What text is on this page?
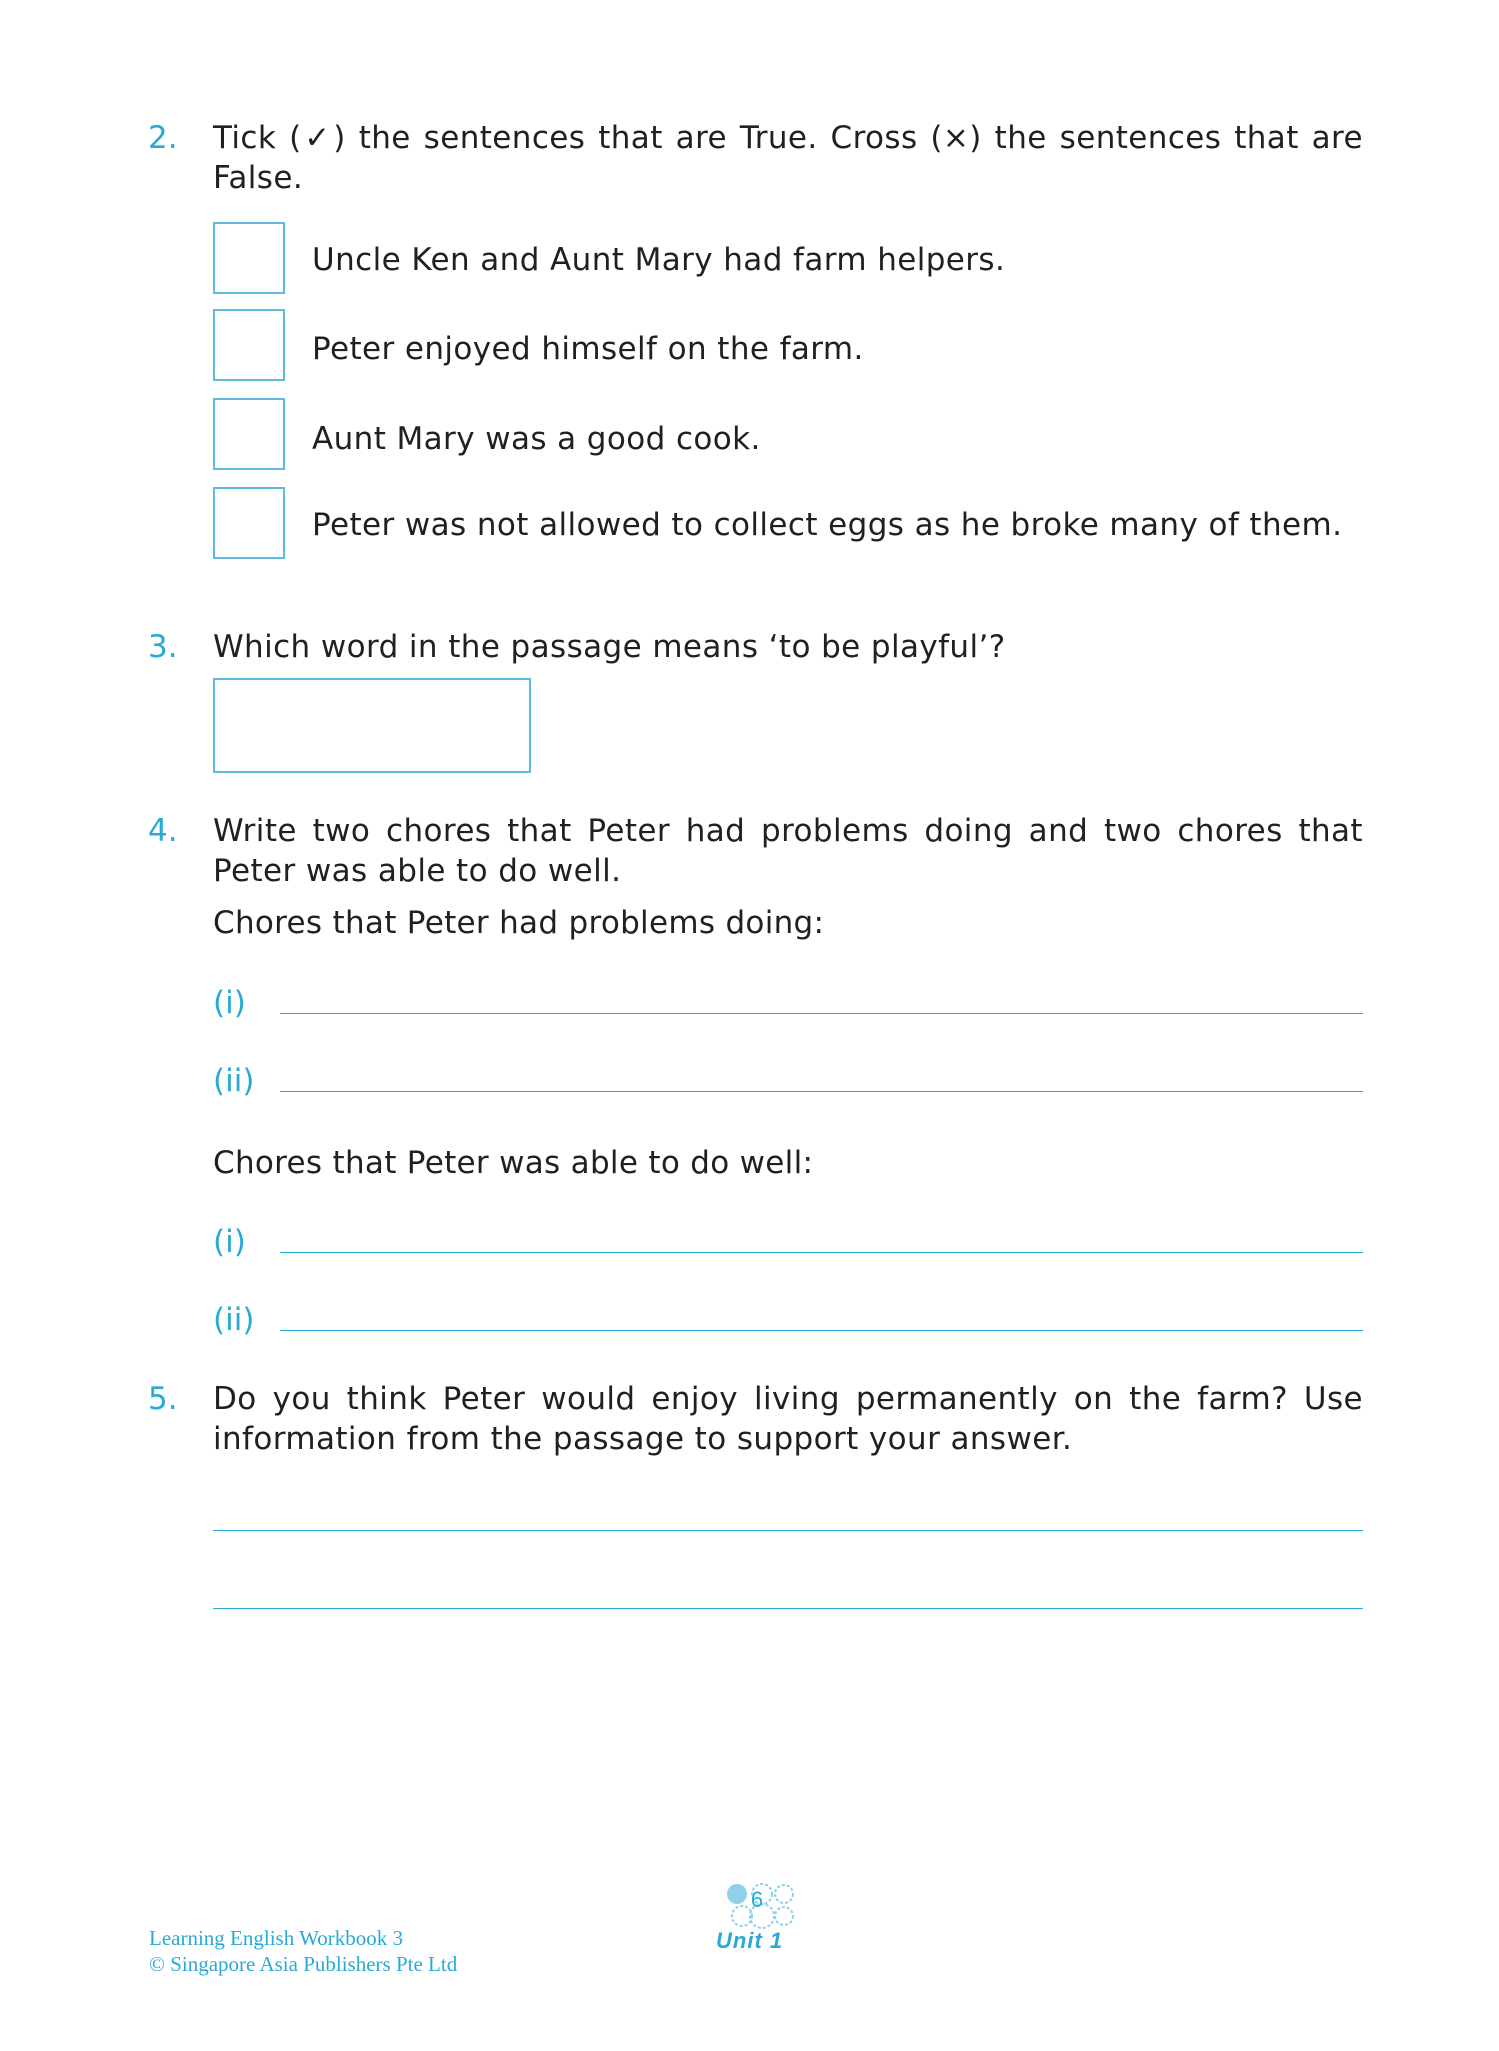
2.	Tick (✓) the sentences that are True. Cross (×) the sentences that are False.
Uncle Ken and Aunt Mary had farm helpers.
Peter enjoyed himself on the farm.
Aunt Mary was a good cook.
Peter was not allowed to collect eggs as he broke many of them.
3.	Which word in the passage means ‘to be playful’?
4.	Write two chores that Peter had problems doing and two chores that Peter was able to do well.
Chores that Peter had problems doing:
(i)
(ii)
Chores that Peter was able to do well:
(i)
(ii)
5.	Do you think Peter would enjoy living permanently on the farm? Use information from the passage to support your answer.
Learning English Workbook 3
© Singapore Asia Publishers Pte Ltd
6
Unit 1
